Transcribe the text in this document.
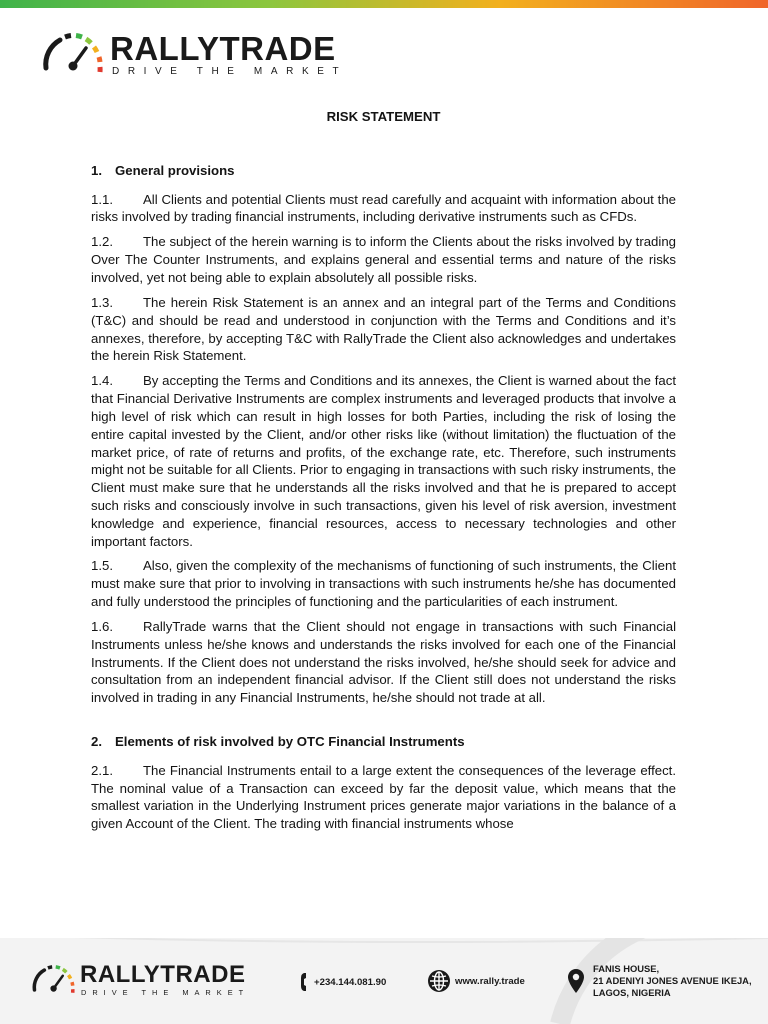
RALLYTRADE
DRIVE THE MARKET
RISK STATEMENT
1. General provisions

1.1. All Clients and potential Clients must read carefully and acquaint with information about the risks involved by trading financial instruments, including derivative instruments such as CFDs.

1.2. The subject of the herein warning is to inform the Clients about the risks involved by trading Over The Counter Instruments, and explains general and essential terms and nature of the risks involved, yet not being able to explain absolutely all possible risks.

1.3. The herein Risk Statement is an annex and an integral part of the Terms and Conditions (T&C) and should be read and understood in conjunction with the Terms and Conditions and it’s annexes, therefore, by accepting T&C with RallyTrade the Client also acknowledges and undertakes the herein Risk Statement.

1.4. By accepting the Terms and Conditions and its annexes, the Client is warned about the fact that Financial Derivative Instruments are complex instruments and leveraged products that involve a high level of risk which can result in high losses for both Parties, including the risk of losing the entire capital invested by the Client, and/or other risks like (without limitation) the fluctuation of the market price, of rate of returns and profits, of the exchange rate, etc. Therefore, such instruments might not be suitable for all Clients. Prior to engaging in transactions with such risky instruments, the Client must make sure that he understands all the risks involved and that he is prepared to accept such risks and consciously involve in such transactions, given his level of risk aversion, investment knowledge and experience, financial resources, access to necessary technologies and other important factors.

1.5. Also, given the complexity of the mechanisms of functioning of such instruments, the Client must make sure that prior to involving in transactions with such instruments he/she has documented and fully understood the principles of functioning and the particularities of each instrument.

1.6. RallyTrade warns that the Client should not engage in transactions with such Financial Instruments unless he/she knows and understands the risks involved for each one of the Financial Instruments. If the Client does not understand the risks involved, he/she should seek for advice and consultation from an independent financial advisor. If the Client still does not understand the risks involved in trading in any Financial Instruments, he/she should not trade at all.

2. Elements of risk involved by OTC Financial Instruments

2.1. The Financial Instruments entail to a large extent the consequences of the leverage effect. The nominal value of a Transaction can exceed by far the deposit value, which means that the smallest variation in the Underlying Instrument prices generate major variations in the balance of a given Account of the Client. The trading with financial instruments whose

RALLYTRADE
DRIVE THE MARKET
+234.144.081.90	www.rally.trade
FANIS HOUSE,
21 ADENIYI JONES AVENUE IKEJA,
LAGOS, NIGERIA
